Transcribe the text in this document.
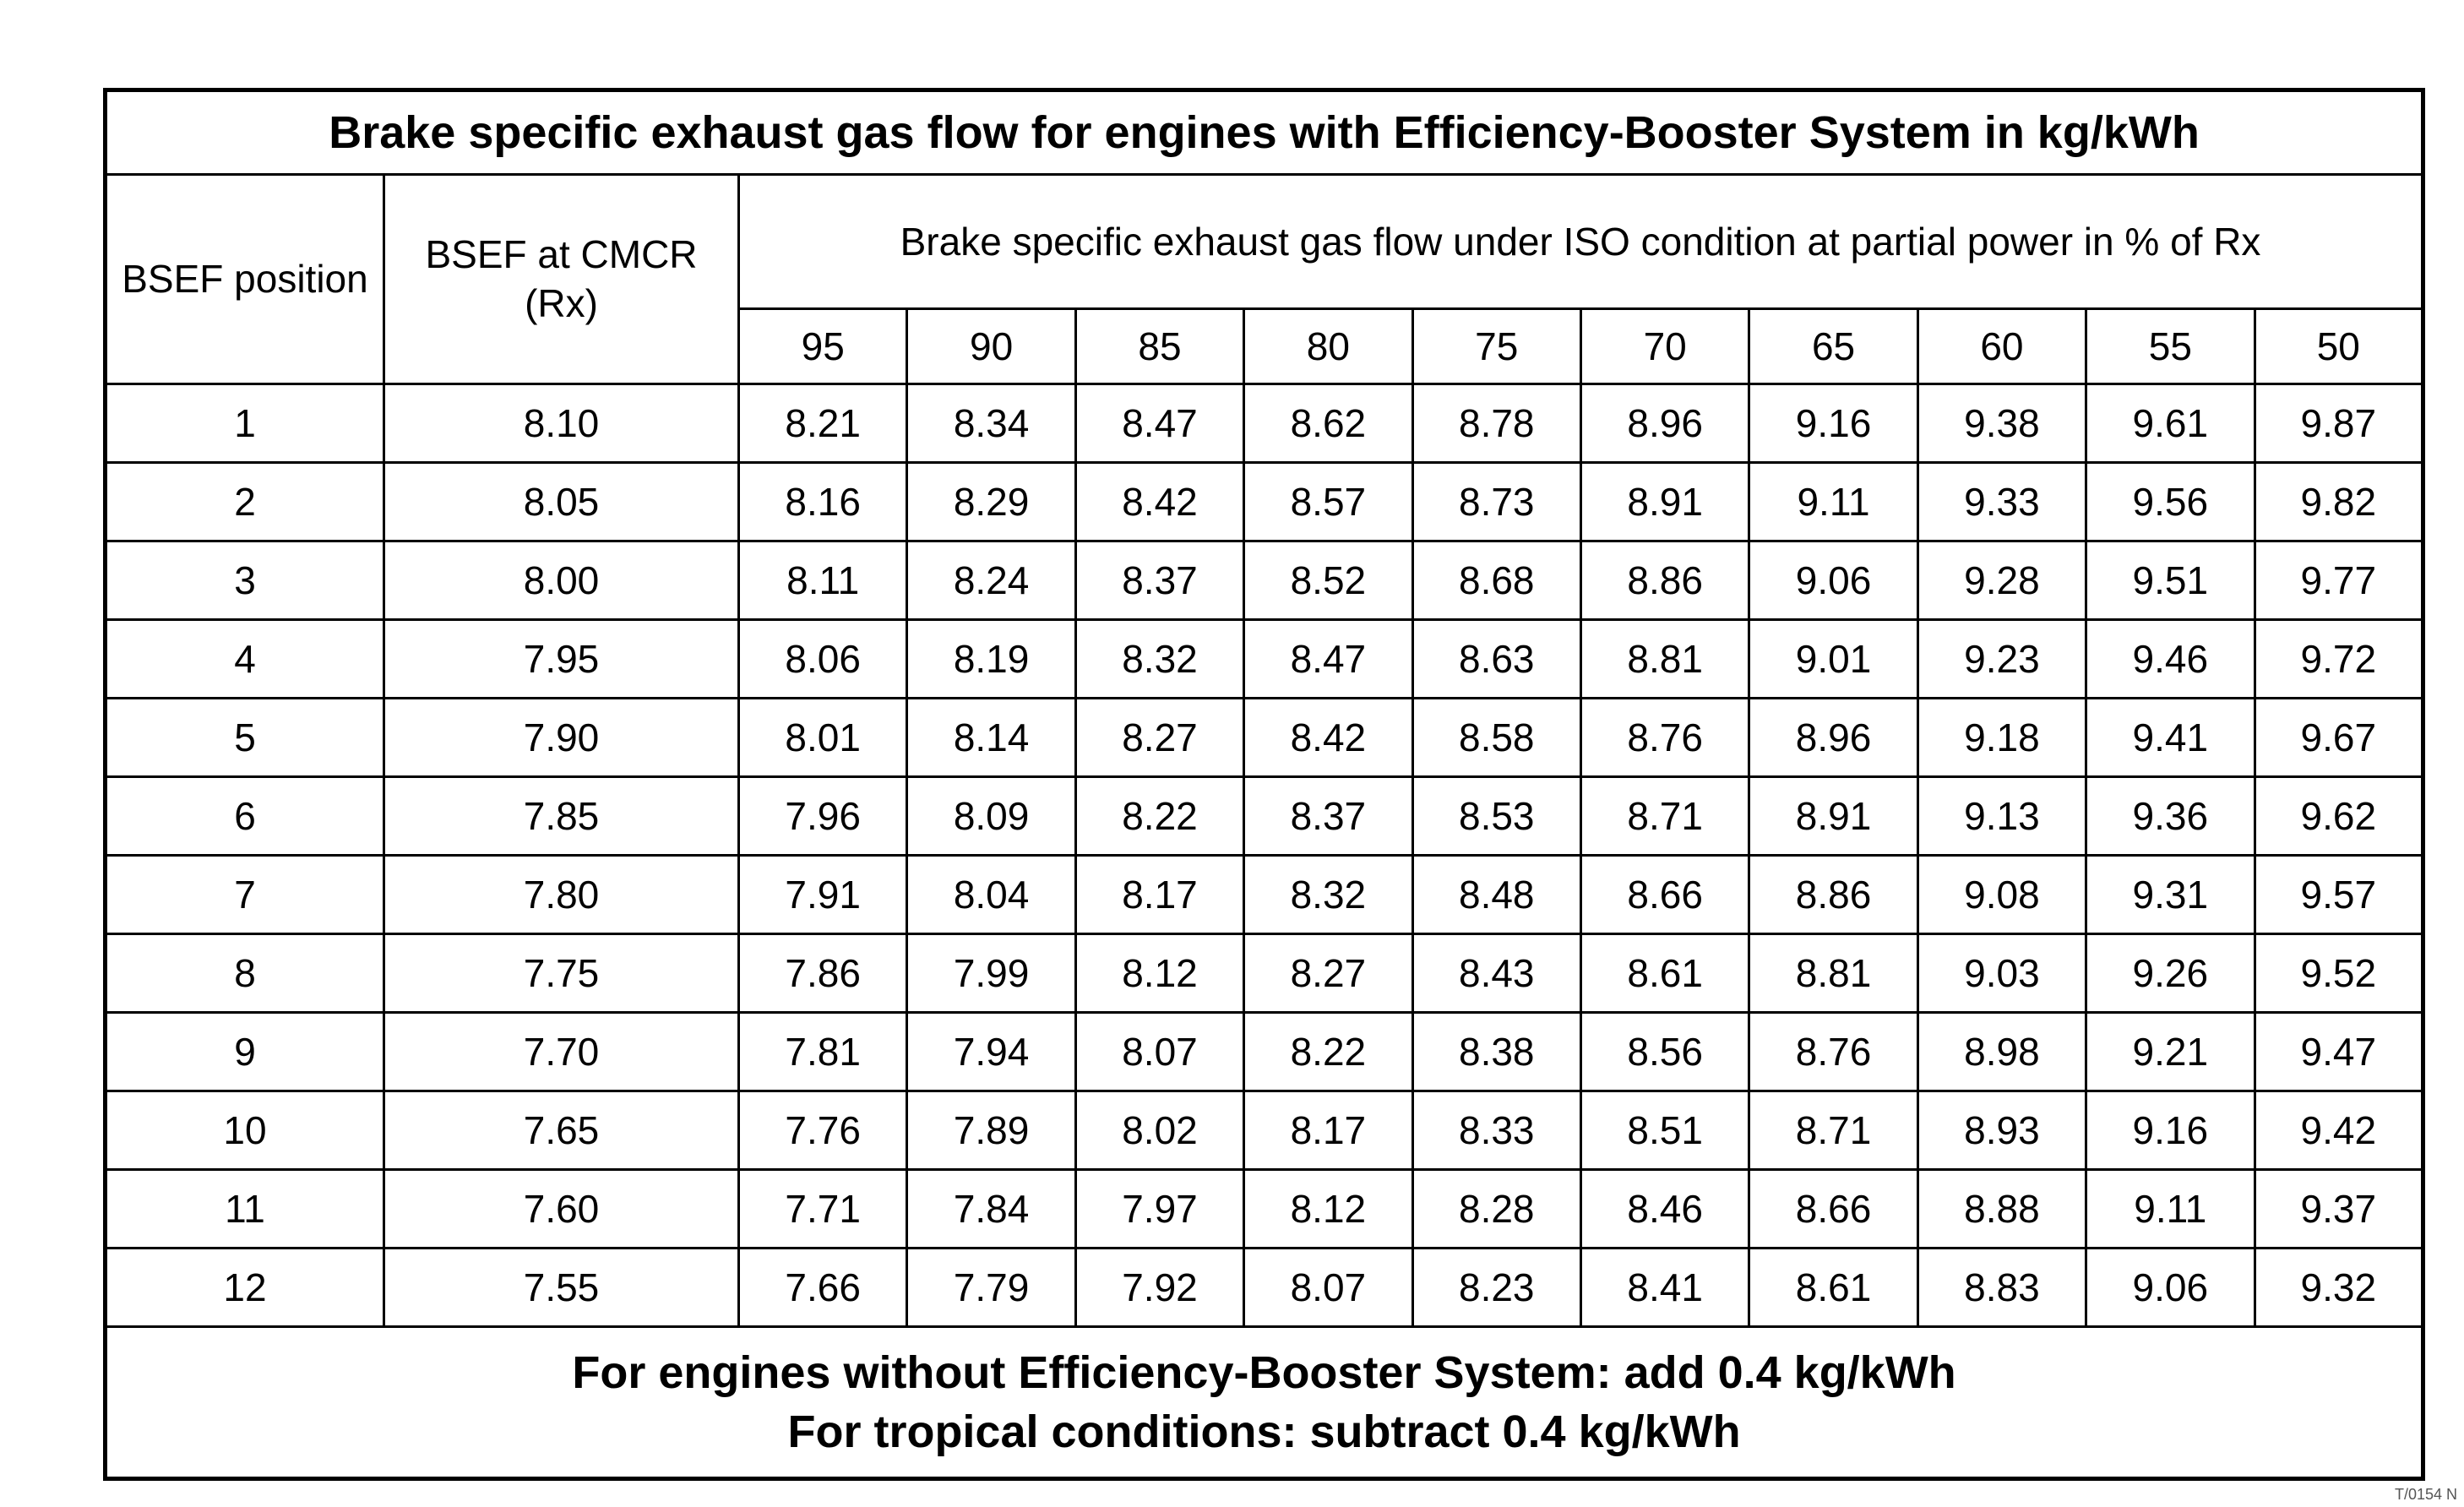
Brake specific exhaust gas flow for engines with Efficiency-Booster System in kg/kWh											
BSEF position	BSEF at CMCR (Rx)	Brake specific exhaust gas flow under ISO condition at partial power in % of Rx									
		95	90	85	80	75	70	65	60	55	50
1	8.10	8.21	8.34	8.47	8.62	8.78	8.96	9.16	9.38	9.61	9.87
2	8.05	8.16	8.29	8.42	8.57	8.73	8.91	9.11	9.33	9.56	9.82
3	8.00	8.11	8.24	8.37	8.52	8.68	8.86	9.06	9.28	9.51	9.77
4	7.95	8.06	8.19	8.32	8.47	8.63	8.81	9.01	9.23	9.46	9.72
5	7.90	8.01	8.14	8.27	8.42	8.58	8.76	8.96	9.18	9.41	9.67
6	7.85	7.96	8.09	8.22	8.37	8.53	8.71	8.91	9.13	9.36	9.62
7	7.80	7.91	8.04	8.17	8.32	8.48	8.66	8.86	9.08	9.31	9.57
8	7.75	7.86	7.99	8.12	8.27	8.43	8.61	8.81	9.03	9.26	9.52
9	7.70	7.81	7.94	8.07	8.22	8.38	8.56	8.76	8.98	9.21	9.47
10	7.65	7.76	7.89	8.02	8.17	8.33	8.51	8.71	8.93	9.16	9.42
11	7.60	7.71	7.84	7.97	8.12	8.28	8.46	8.66	8.88	9.11	9.37
12	7.55	7.66	7.79	7.92	8.07	8.23	8.41	8.61	8.83	9.06	9.32

For engines without Efficiency-Booster System: add 0.4 kg/kWh
For tropical conditions: subtract 0.4 kg/kWh											
T/0154 N
